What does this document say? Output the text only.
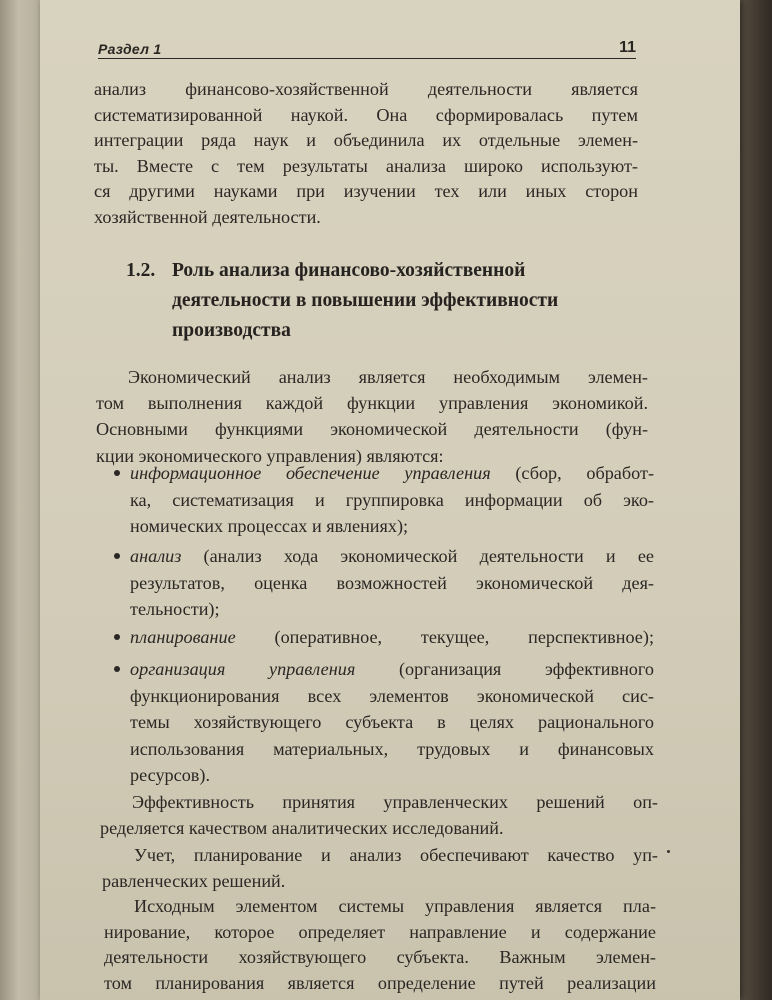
Раздел 1	11
анализ финансово-хозяйственной деятельности является
систематизированной наукой. Она сформировалась путем
интеграции ряда наук и объединила их отдельные элемен-
ты. Вместе с тем результаты анализа широко используют-
ся другими науками при изучении тех или иных сторон
хозяйственной деятельности.
1.2. Роль анализа финансово-хозяйственной
деятельности в повышении эффективности
производства
Экономический анализ является необходимым элемен-
том выполнения каждой функции управления экономикой.
Основными функциями экономической деятельности (фун-
кции экономического управления) являются:
информационное обеспечение управления (сбор, обработ-
ка, систематизация и группировка информации об эко-
номических процессах и явлениях);
анализ (анализ хода экономической деятельности и ее
результатов, оценка возможностей экономической дея-
тельности);
планирование (оперативное, текущее, перспективное);
организация управления (организация эффективного
функционирования всех элементов экономической сис-
темы хозяйствующего субъекта в целях рационального
использования материальных, трудовых и финансовых
ресурсов).
Эффективность принятия управленческих решений оп-
ределяется качеством аналитических исследований.
Учет, планирование и анализ обеспечивают качество уп-
равленческих решений.
Исходным элементом системы управления является пла-
нирование, которое определяет направление и содержание
деятельности хозяйствующего субъекта. Важным элемен-
том планирования является определение путей реализации
